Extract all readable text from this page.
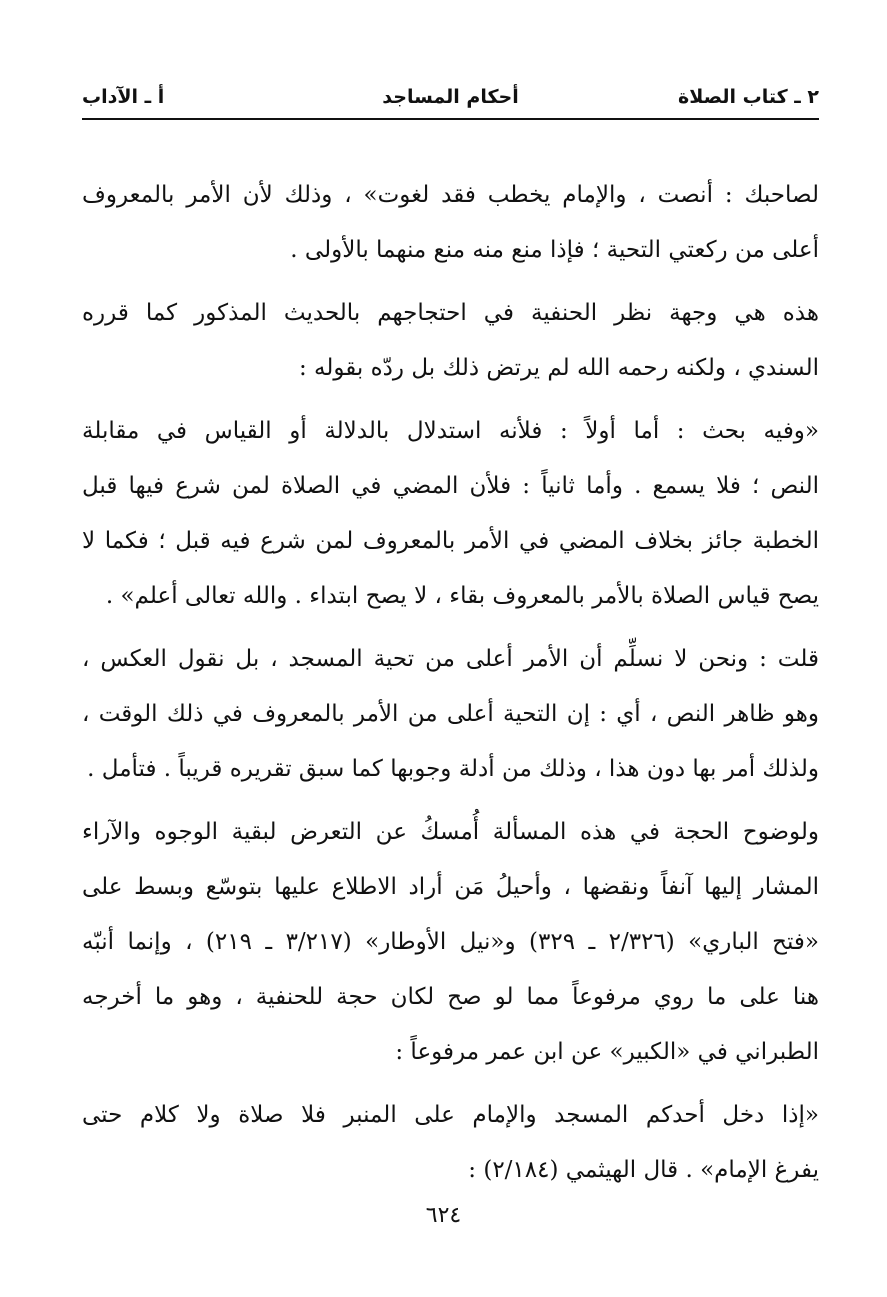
٢ ـ كتاب الصلاة
أحكام المساجد
أ ـ الآداب
لصاحبك : أنصت ، والإمام يخطب فقد لغوت» ، وذلك لأن الأمر بالمعروف
أعلى من ركعتي التحية ؛ فإذا منع منه منع منهما بالأولى .
هذه هي وجهة نظر الحنفية في احتجاجهم بالحديث المذكور كما قرره
السندي ، ولكنه رحمه الله لم يرتض ذلك بل ردّه بقوله :
«وفيه بحث : أما أولاً : فلأنه استدلال بالدلالة أو القياس في مقابلة
النص ؛ فلا يسمع . وأما ثانياً : فلأن المضي في الصلاة لمن شرع فيها قبل
الخطبة جائز بخلاف المضي في الأمر بالمعروف لمن شرع فيه قبل ؛ فكما لا
يصح قياس الصلاة بالأمر بالمعروف بقاء ، لا يصح ابتداء . والله تعالى أعلم» .
قلت : ونحن لا نسلِّم أن الأمر أعلى من تحية المسجد ، بل نقول العكس ،
وهو ظاهر النص ، أي : إن التحية أعلى من الأمر بالمعروف في ذلك الوقت ،
ولذلك أمر بها دون هذا ، وذلك من أدلة وجوبها كما سبق تقريره قريباً . فتأمل .
ولوضوح الحجة في هذه المسألة أُمسكُ عن التعرض لبقية الوجوه والآراء
المشار إليها آنفاً ونقضها ، وأحيلُ مَن أراد الاطلاع عليها بتوسّع وبسط على
«فتح الباري» (٢/٣٢٦ ـ ٣٢٩) و«نيل الأوطار» (٣/٢١٧ ـ ٢١٩) ، وإنما أنبّه
هنا على ما روي مرفوعاً مما لو صح لكان حجة للحنفية ، وهو ما أخرجه
الطبراني في «الكبير» عن ابن عمر مرفوعاً :
«إذا دخل أحدكم المسجد والإمام على المنبر فلا صلاة ولا كلام حتى
يفرغ الإمام» . قال الهيثمي (٢/١٨٤) :
٦٢٤
